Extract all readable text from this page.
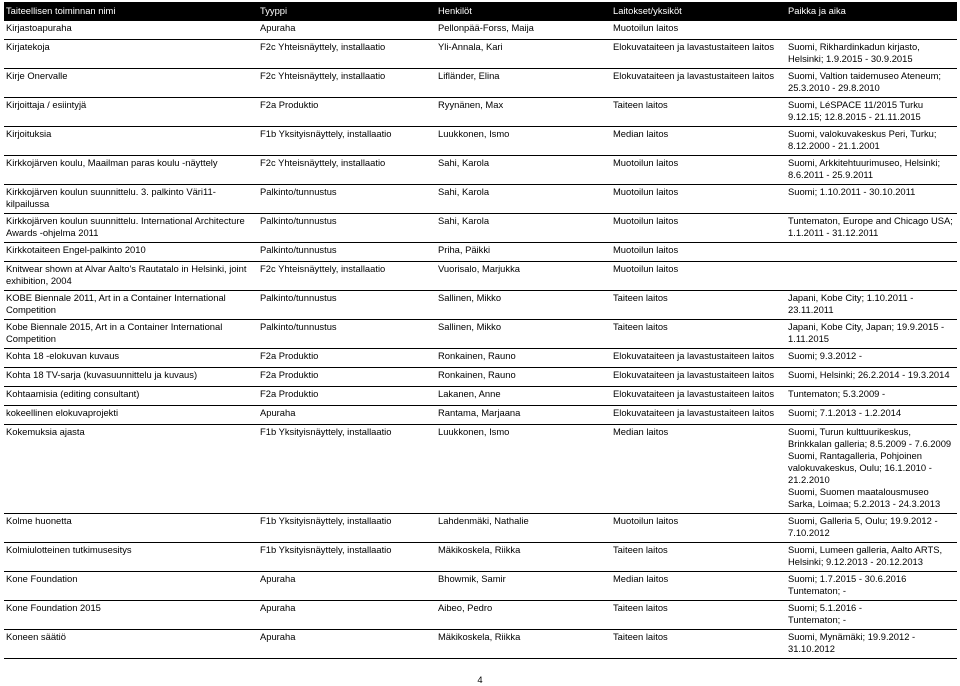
Taiteellisen toiminnan nimi	Tyyppi	Henkilöt	Laitokset/yksiköt	Paikka ja aika
Kirjastoapuraha	Apuraha	Pellonpää-Forss, Maija	Muotoilun laitos	
Kirjatekoja	F2c Yhteisnäyttely, installaatio	Yli-Annala, Kari	Elokuvataiteen ja lavastustaiteen laitos	Suomi, Rikhardinkadun kirjasto, Helsinki; 1.9.2015 - 30.9.2015
Kirje Onervalle	F2c Yhteisnäyttely, installaatio	Lifländer, Elina	Elokuvataiteen ja lavastustaiteen laitos	Suomi, Valtion taidemuseo Ateneum; 25.3.2010 - 29.8.2010
Kirjoittaja / esiintyjä	F2a Produktio	Ryynänen, Max	Taiteen laitos	Suomi, LéSPACE 11/2015 Turku 9.12.15; 12.8.2015 - 21.11.2015
Kirjoituksia	F1b Yksityisnäyttely, installaatio	Luukkonen, Ismo	Median laitos	Suomi, valokuvakeskus Peri, Turku; 8.12.2000 - 21.1.2001
Kirkkojärven koulu, Maailman paras koulu -näyttely	F2c Yhteisnäyttely, installaatio	Sahi, Karola	Muotoilun laitos	Suomi, Arkkitehtuurimuseo, Helsinki; 8.6.2011 - 25.9.2011
Kirkkojärven koulun suunnittelu. 3. palkinto Väri11-kilpailussa	Palkinto/tunnustus	Sahi, Karola	Muotoilun laitos	Suomi; 1.10.2011 - 30.10.2011
Kirkkojärven koulun suunnittelu. International Architecture Awards -ohjelma 2011	Palkinto/tunnustus	Sahi, Karola	Muotoilun laitos	Tuntematon, Europe and Chicago USA; 1.1.2011 - 31.12.2011
Kirkkotaiteen Engel-palkinto 2010	Palkinto/tunnustus	Priha, Päikki	Muotoilun laitos	
Knitwear shown at Alvar Aalto's Rautatalo in Helsinki, joint exhibition, 2004	F2c Yhteisnäyttely, installaatio	Vuorisalo, Marjukka	Muotoilun laitos	
KOBE Biennale 2011, Art in a Container International Competition	Palkinto/tunnustus	Sallinen, Mikko	Taiteen laitos	Japani, Kobe City; 1.10.2011 - 23.11.2011
Kobe Biennale 2015, Art in a Container International Competition	Palkinto/tunnustus	Sallinen, Mikko	Taiteen laitos	Japani, Kobe City, Japan; 19.9.2015 - 1.11.2015
Kohta 18 -elokuvan kuvaus	F2a Produktio	Ronkainen, Rauno	Elokuvataiteen ja lavastustaiteen laitos	Suomi; 9.3.2012 -
Kohta 18 TV-sarja (kuvasuunnittelu ja kuvaus)	F2a Produktio	Ronkainen, Rauno	Elokuvataiteen ja lavastustaiteen laitos	Suomi, Helsinki; 26.2.2014 - 19.3.2014
Kohtaamisia (editing consultant)	F2a Produktio	Lakanen, Anne	Elokuvataiteen ja lavastustaiteen laitos	Tuntematon; 5.3.2009 -
kokeellinen elokuvaprojekti	Apuraha	Rantama, Marjaana	Elokuvataiteen ja lavastustaiteen laitos	Suomi; 7.1.2013 - 1.2.2014
Kokemuksia ajasta	F1b Yksityisnäyttely, installaatio	Luukkonen, Ismo	Median laitos	Suomi, Turun kulttuurikeskus, Brinkkalan galleria; 8.5.2009 - 7.6.2009
Suomi, Rantagalleria, Pohjoinen valokuvakeskus, Oulu; 16.1.2010 - 21.2.2010
Suomi, Suomen maatalousmuseo Sarka, Loimaa; 5.2.2013 - 24.3.2013
Kolme huonetta	F1b Yksityisnäyttely, installaatio	Lahdenmäki, Nathalie	Muotoilun laitos	Suomi, Galleria 5, Oulu; 19.9.2012 - 7.10.2012
Kolmiulotteinen tutkimusesitys	F1b Yksityisnäyttely, installaatio	Mäkikoskela, Riikka	Taiteen laitos	Suomi, Lumeen galleria, Aalto ARTS, Helsinki; 9.12.2013 - 20.12.2013
Kone Foundation	Apuraha	Bhowmik, Samir	Median laitos	Suomi; 1.7.2015 - 30.6.2016
Tuntematon; -
Kone Foundation 2015	Apuraha	Aibeo, Pedro	Taiteen laitos	Suomi; 5.1.2016 -
Tuntematon; -
Koneen säätiö	Apuraha	Mäkikoskela, Riikka	Taiteen laitos	Suomi, Mynämäki; 19.9.2012 - 31.10.2012
4
